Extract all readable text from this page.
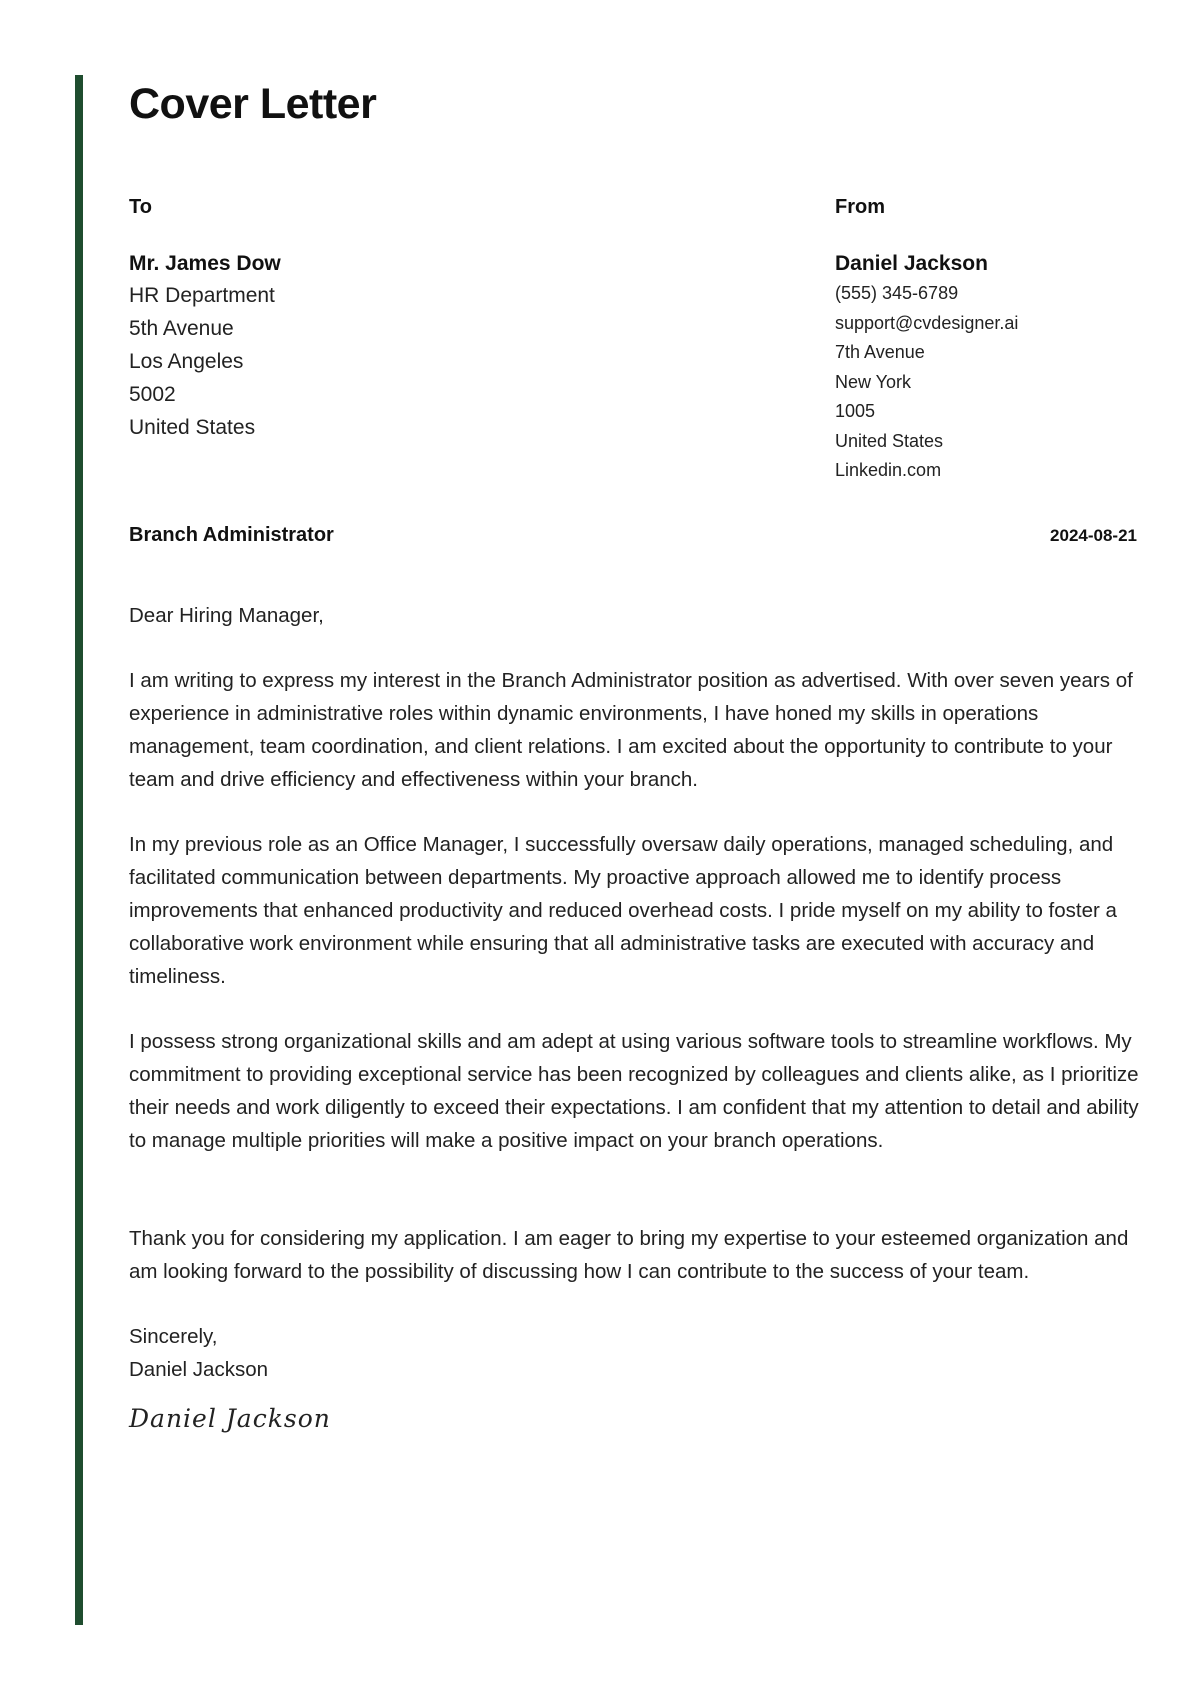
Cover Letter
To
Mr. James Dow
HR Department
5th Avenue
Los Angeles
5002
United States
From
Daniel Jackson
(555) 345-6789
support@cvdesigner.ai
7th Avenue
New York
1005
United States
Linkedin.com
Branch Administrator	2024-08-21

Dear Hiring Manager,

I am writing to express my interest in the Branch Administrator position as advertised. With over seven years of experience in administrative roles within dynamic environments, I have honed my skills in operations management, team coordination, and client relations. I am excited about the opportunity to contribute to your team and drive efficiency and effectiveness within your branch.

In my previous role as an Office Manager, I successfully oversaw daily operations, managed scheduling, and facilitated communication between departments. My proactive approach allowed me to identify process improvements that enhanced productivity and reduced overhead costs. I pride myself on my ability to foster a collaborative work environment while ensuring that all administrative tasks are executed with accuracy and timeliness.

I possess strong organizational skills and am adept at using various software tools to streamline workflows. My commitment to providing exceptional service has been recognized by colleagues and clients alike, as I prioritize their needs and work diligently to exceed their expectations. I am confident that my attention to detail and ability to manage multiple priorities will make a positive impact on your branch operations.

Thank you for considering my application. I am eager to bring my expertise to your esteemed organization and am looking forward to the possibility of discussing how I can contribute to the success of your team.

Sincerely,

Daniel Jackson

Daniel Jackson
